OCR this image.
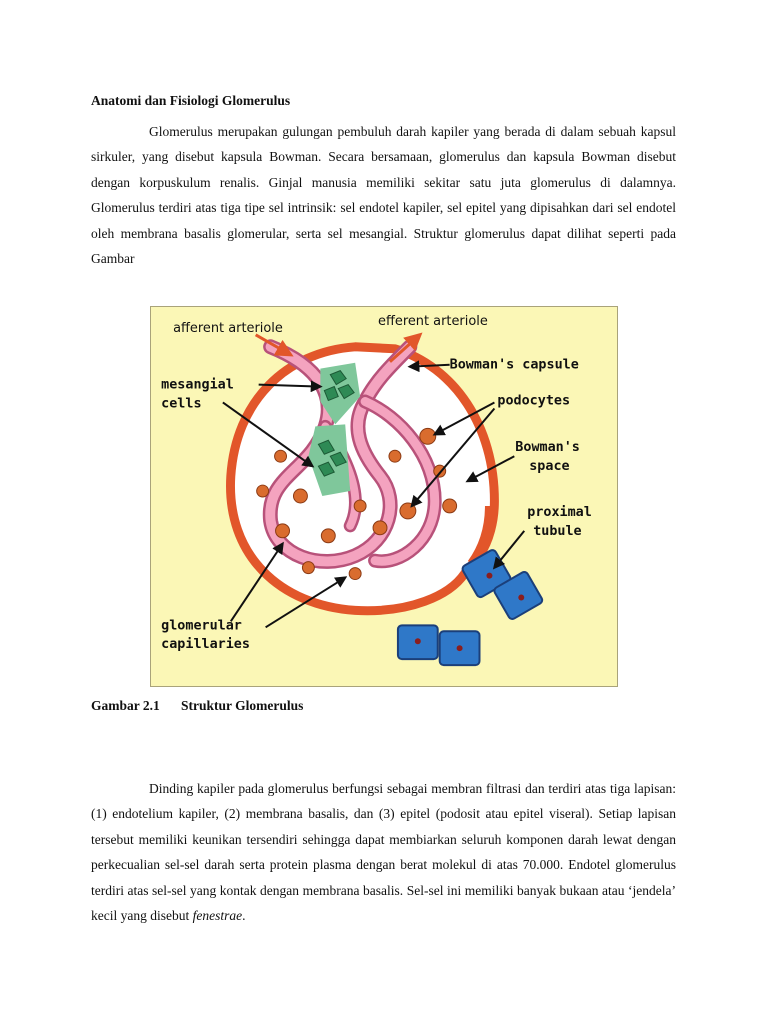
Anatomi dan Fisiologi Glomerulus

Glomerulus merupakan gulungan pembuluh darah kapiler yang berada di dalam sebuah kapsul sirkuler, yang disebut kapsula Bowman. Secara bersamaan, glomerulus dan kapsula Bowman disebut dengan korpuskulum renalis. Ginjal manusia memiliki sekitar satu juta glomerulus di dalamnya. Glomerulus terdiri atas tiga tipe sel intrinsik: sel endotel kapiler, sel epitel yang dipisahkan dari sel endotel oleh membrana basalis glomerular, serta sel mesangial. Struktur glomerulus dapat dilihat seperti pada Gambar

afferent arteriole	efferent arteriole
Bowman's capsule
mesangial
cells	podocytes
Bowman's
space
proximal
tubule
glomerular
capillaries

Gambar 2.1 Struktur Glomerulus

Dinding kapiler pada glomerulus berfungsi sebagai membran filtrasi dan terdiri atas tiga lapisan: (1) endotelium kapiler, (2) membrana basalis, dan (3) epitel (podosit atau epitel viseral). Setiap lapisan tersebut memiliki keunikan tersendiri sehingga dapat membiarkan seluruh komponen darah lewat dengan perkecualian sel-sel darah serta protein plasma dengan berat molekul di atas 70.000. Endotel glomerulus terdiri atas sel-sel yang kontak dengan membrana basalis. Sel-sel ini memiliki banyak bukaan atau ‘jendela’ kecil yang disebut fenestrae.
